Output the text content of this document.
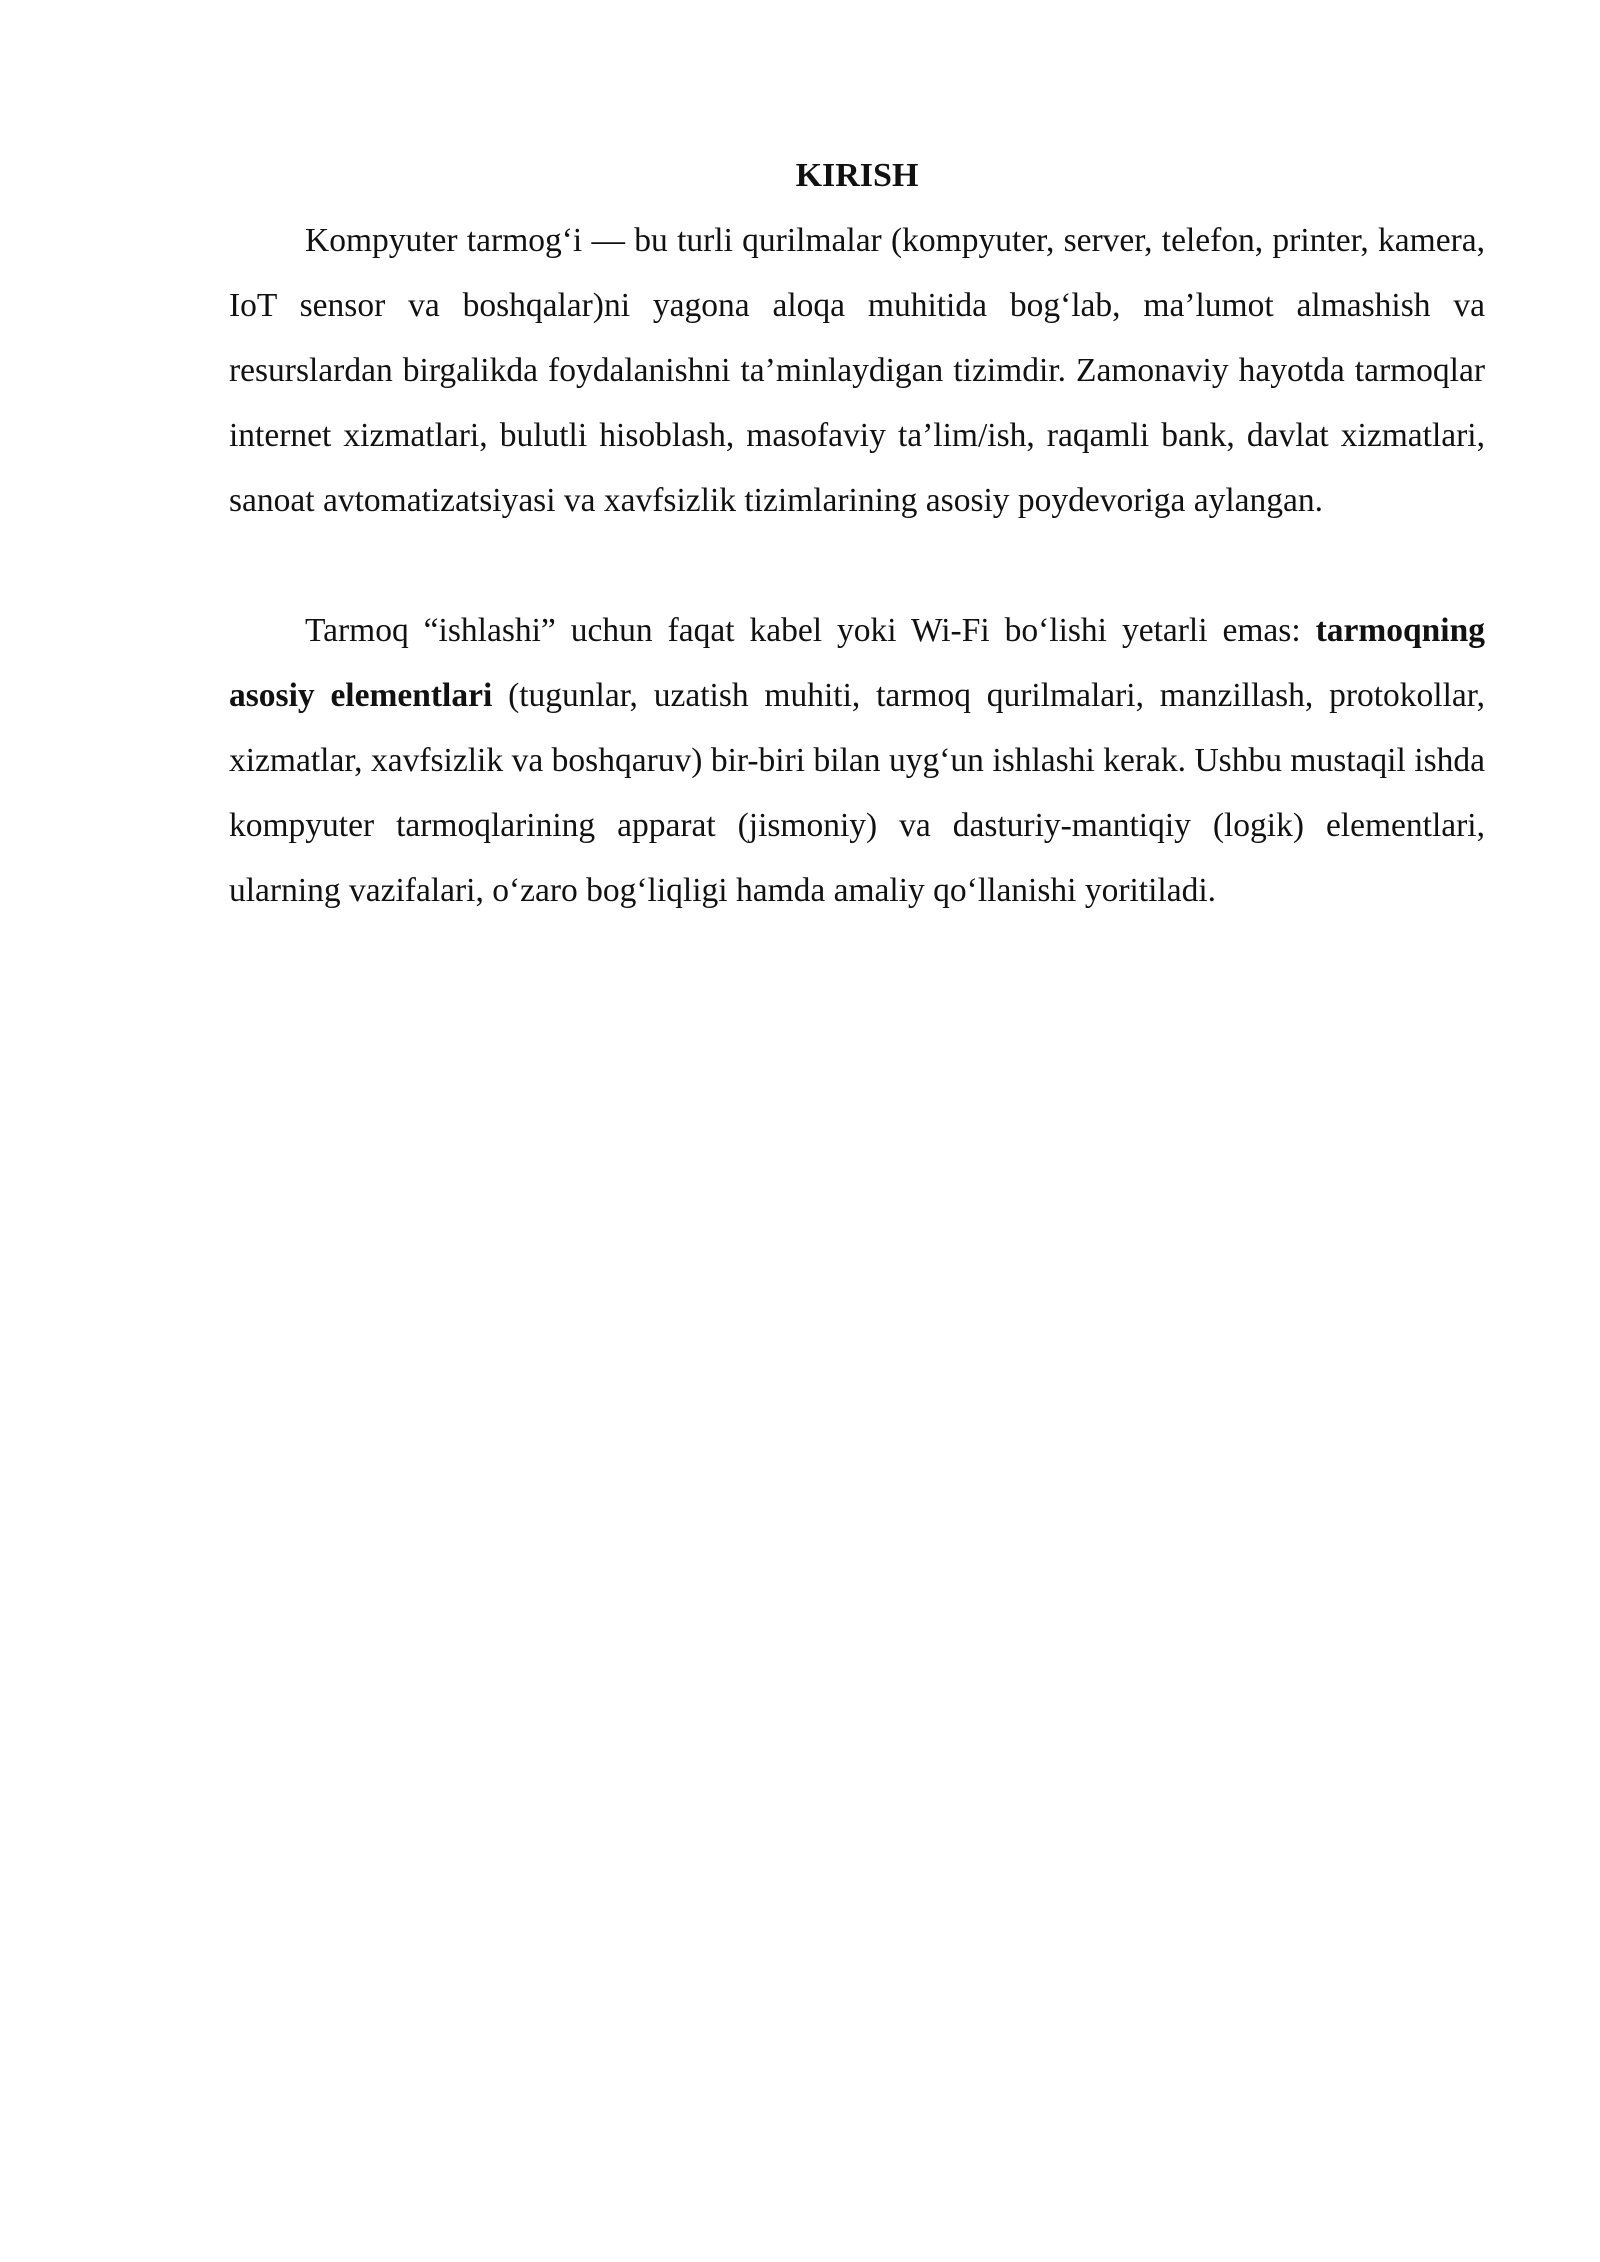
KIRISH

Kompyuter tarmog‘i — bu turli qurilmalar (kompyuter, server, telefon, printer, kamera, IoT sensor va boshqalar)ni yagona aloqa muhitida bog‘lab, ma’lumot almashish va resurslardan birgalikda foydalanishni ta’minlaydigan tizimdir. Zamonaviy hayotda tarmoqlar internet xizmatlari, bulutli hisoblash, masofaviy ta’lim/ish, raqamli bank, davlat xizmatlari, sanoat avtomatizatsiyasi va xavfsizlik tizimlarining asosiy poydevoriga aylangan.

Tarmoq “ishlashi” uchun faqat kabel yoki Wi-Fi bo‘lishi yetarli emas: tarmoqning asosiy elementlari (tugunlar, uzatish muhiti, tarmoq qurilmalari, manzillash, protokollar, xizmatlar, xavfsizlik va boshqaruv) bir-biri bilan uyg‘un ishlashi kerak. Ushbu mustaqil ishda kompyuter tarmoqlarining apparat (jismoniy) va dasturiy-mantiqiy (logik) elementlari, ularning vazifalari, o‘zaro bog‘liqligi hamda amaliy qo‘llanishi yoritiladi.
